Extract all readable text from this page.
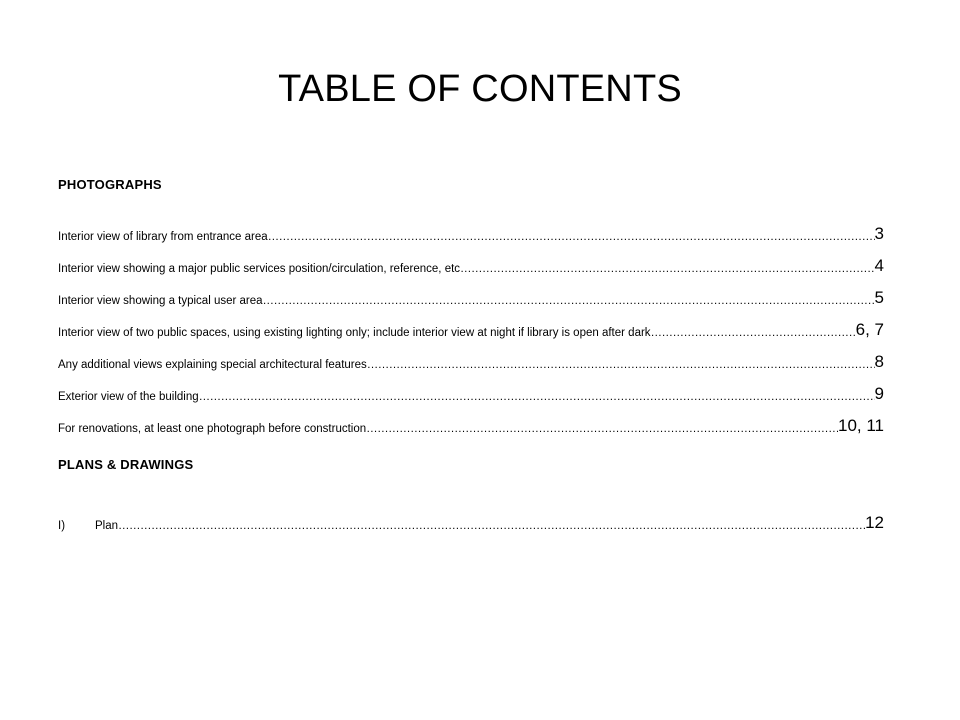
TABLE OF CONTENTS
PHOTOGRAPHS
Interior view of library from entrance area ……………………………………………………………………………………………………………………………………………………………………………………………………	3
Interior view showing a major public services position/circulation, reference, etc ……………………………………………………………………………………………………………………………………………………………………………………………………	4
Interior view showing a typical user area ……………………………………………………………………………………………………………………………………………………………………………………………………	5
Interior view of two public spaces, using existing lighting only; include interior view at night if library is open after dark ……………………………………………………………………………………………………………………………………………………………………………………………………	6, 7
Any additional views explaining special architectural features ……………………………………………………………………………………………………………………………………………………………………………………………………	8
Exterior view of the building ……………………………………………………………………………………………………………………………………………………………………………………………………	9
For renovations, at least one photograph before construction ……………………………………………………………………………………………………………………………………………………………………………………………………	10, 11
PLANS & DRAWINGS
I)	Plan ……………………………………………………………………………………………………………………………………………………………………………………………………	12
